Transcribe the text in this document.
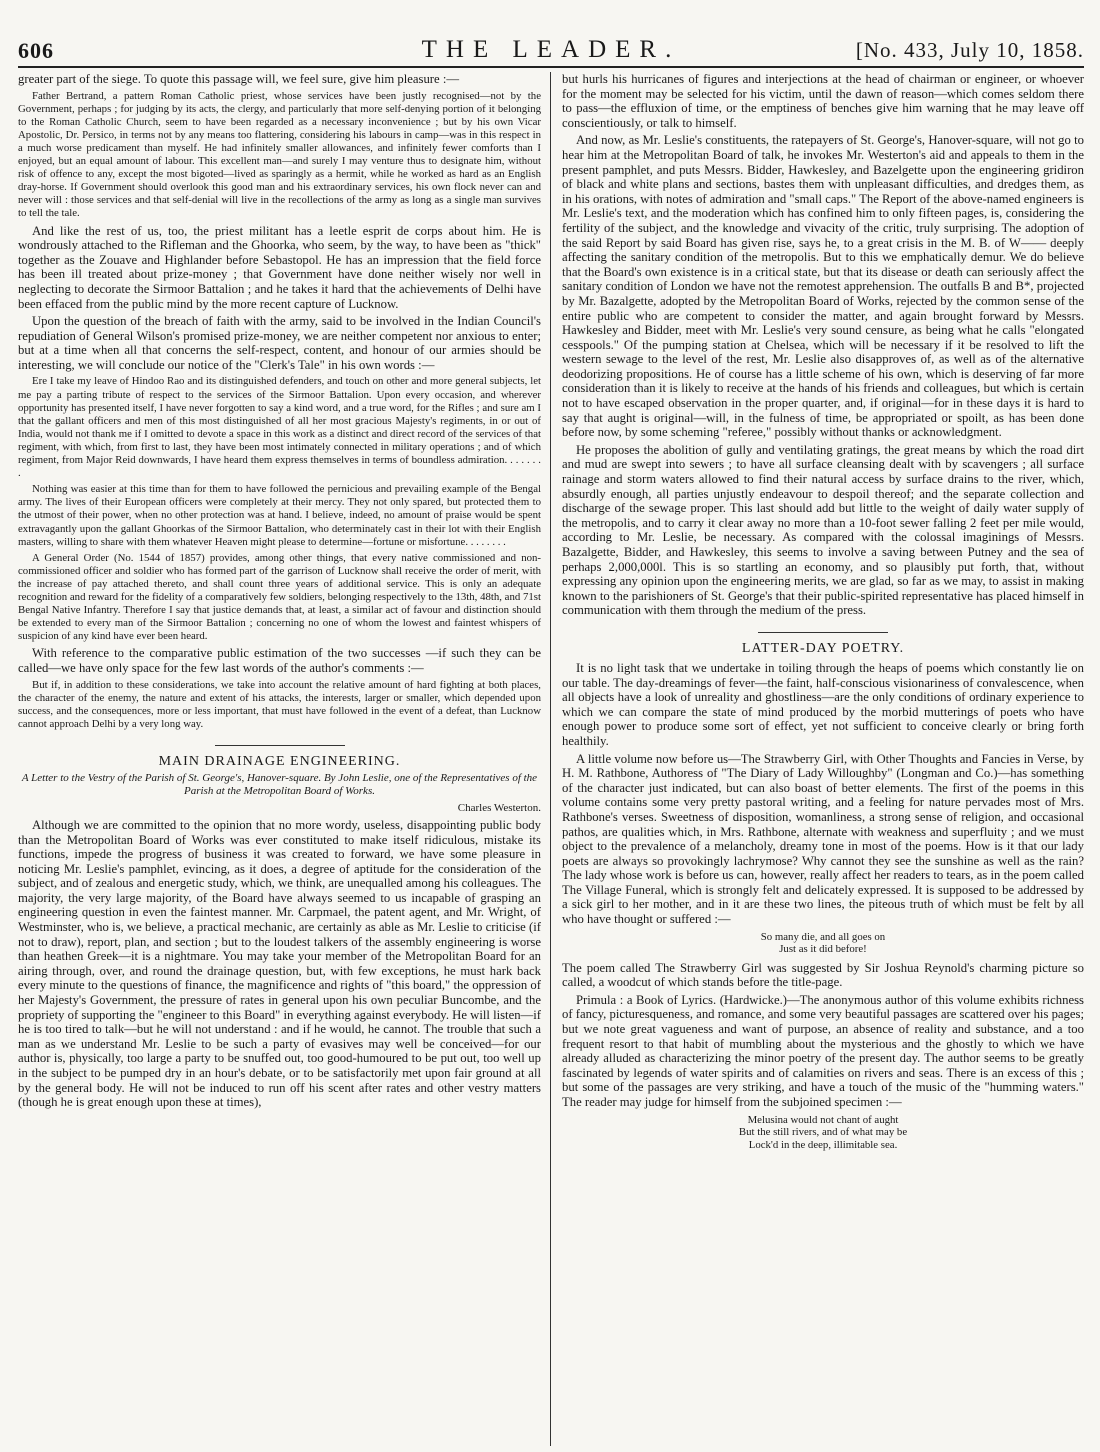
606	THE LEADER.	[No. 433, July 10, 1858.

greater part of the siege. To quote this passage will, we feel sure, give him pleasure :—

Father Bertrand, a pattern Roman Catholic priest, whose services have been justly recognised—not by the Government, perhaps ; for judging by its acts, the clergy, and particularly that more self-denying portion of it belonging to the Roman Catholic Church, seem to have been regarded as a necessary inconvenience ; but by his own Vicar Apostolic, Dr. Persico, in terms not by any means too flattering, considering his labours in camp—was in this respect in a much worse predicament than myself. He had infinitely smaller allowances, and infinitely fewer comforts than I enjoyed, but an equal amount of labour. This excellent man—and surely I may venture thus to designate him, without risk of offence to any, except the most bigoted—lived as sparingly as a hermit, while he worked as hard as an English dray-horse. If Government should overlook this good man and his extraordinary services, his own flock never can and never will : those services and that self-denial will live in the recollections of the army as long as a single man survives to tell the tale.

And like the rest of us, too, the priest militant has a leetle esprit de corps about him. He is wondrously attached to the Rifleman and the Ghoorka, who seem, by the way, to have been as "thick" together as the Zouave and Highlander before Sebastopol. He has an impression that the field force has been ill treated about prize-money ; that Government have done neither wisely nor well in neglecting to decorate the Sirmoor Battalion ; and he takes it hard that the achievements of Delhi have been effaced from the public mind by the more recent capture of Lucknow.

Upon the question of the breach of faith with the army, said to be involved in the Indian Council's repudiation of General Wilson's promised prize-money, we are neither competent nor anxious to enter; but at a time when all that concerns the self-respect, content, and honour of our armies should be interesting, we will conclude our notice of the "Clerk's Tale" in his own words :—

Ere I take my leave of Hindoo Rao and its distinguished defenders, and touch on other and more general subjects, let me pay a parting tribute of respect to the services of the Sirmoor Battalion. Upon every occasion, and wherever opportunity has presented itself, I have never forgotten to say a kind word, and a true word, for the Rifles ; and sure am I that the gallant officers and men of this most distinguished of all her most gracious Majesty's regiments, in or out of India, would not thank me if I omitted to devote a space in this work as a distinct and direct record of the services of that regiment, with which, from first to last, they have been most intimately connected in military operations ; and of which regiment, from Major Reid downwards, I have heard them express themselves in terms of boundless admiration. . . . . . . .

Nothing was easier at this time than for them to have followed the pernicious and prevailing example of the Bengal army. The lives of their European officers were completely at their mercy. They not only spared, but protected them to the utmost of their power, when no other protection was at hand. I believe, indeed, no amount of praise would be spent extravagantly upon the gallant Ghoorkas of the Sirmoor Battalion, who determinately cast in their lot with their English masters, willing to share with them whatever Heaven might please to determine—fortune or misfortune. . . . . . . .

A General Order (No. 1544 of 1857) provides, among other things, that every native commissioned and non-commissioned officer and soldier who has formed part of the garrison of Lucknow shall receive the order of merit, with the increase of pay attached thereto, and shall count three years of additional service. This is only an adequate recognition and reward for the fidelity of a comparatively few soldiers, belonging respectively to the 13th, 48th, and 71st Bengal Native Infantry. Therefore I say that justice demands that, at least, a similar act of favour and distinction should be extended to every man of the Sirmoor Battalion ; concerning no one of whom the lowest and faintest whispers of suspicion of any kind have ever been heard.

With reference to the comparative public estimation of the two successes —if such they can be called—we have only space for the few last words of the author's comments :—

But if, in addition to these considerations, we take into account the relative amount of hard fighting at both places, the character of the enemy, the nature and extent of his attacks, the interests, larger or smaller, which depended upon success, and the consequences, more or less important, that must have followed in the event of a defeat, than Lucknow cannot approach Delhi by a very long way.

MAIN DRAINAGE ENGINEERING.

A Letter to the Vestry of the Parish of St. George's, Hanover-square. By John Leslie, one of the Representatives of the Parish at the Metropolitan Board of Works.

Charles Westerton.

Although we are committed to the opinion that no more wordy, useless, disappointing public body than the Metropolitan Board of Works was ever constituted to make itself ridiculous, mistake its functions, impede the progress of business it was created to forward, we have some pleasure in noticing Mr. Leslie's pamphlet, evincing, as it does, a degree of aptitude for the consideration of the subject, and of zealous and energetic study, which, we think, are unequalled among his colleagues. The majority, the very large majority, of the Board have always seemed to us incapable of grasping an engineering question in even the faintest manner. Mr. Carpmael, the patent agent, and Mr. Wright, of Westminster, who is, we believe, a practical mechanic, are certainly as able as Mr. Leslie to criticise (if not to draw), report, plan, and section ; but to the loudest talkers of the assembly engineering is worse than heathen Greek—it is a nightmare. You may take your member of the Metropolitan Board for an airing through, over, and round the drainage question, but, with few exceptions, he must hark back every minute to the questions of finance, the magnificence and rights of "this board," the oppression of her Majesty's Government, the pressure of rates in general upon his own peculiar Buncombe, and the propriety of supporting the "engineer to this Board" in everything against everybody. He will listen—if he is too tired to talk—but he will not understand : and if he would, he cannot. The trouble that such a man as we understand Mr. Leslie to be such a party of evasives may well be conceived—for our author is, physically, too large a party to be snuffed out, too good-humoured to be put out, too well up in the subject to be pumped dry in an hour's debate, or to be satisfactorily met upon fair ground at all by the general body. He will not be induced to run off his scent after rates and other vestry matters (though he is great enough upon these at times),

but hurls his hurricanes of figures and interjections at the head of chairman or engineer, or whoever for the moment may be selected for his victim, until the dawn of reason—which comes seldom there to pass—the effluxion of time, or the emptiness of benches give him warning that he may leave off conscientiously, or talk to himself.

And now, as Mr. Leslie's constituents, the ratepayers of St. George's, Hanover-square, will not go to hear him at the Metropolitan Board of talk, he invokes Mr. Westerton's aid and appeals to them in the present pamphlet, and puts Messrs. Bidder, Hawkesley, and Bazelgette upon the engineering gridiron of black and white plans and sections, bastes them with unpleasant difficulties, and dredges them, as in his orations, with notes of admiration and "small caps." The Report of the above-named engineers is Mr. Leslie's text, and the moderation which has confined him to only fifteen pages, is, considering the fertility of the subject, and the knowledge and vivacity of the critic, truly surprising. The adoption of the said Report by said Board has given rise, says he, to a great crisis in the M. B. of W—— deeply affecting the sanitary condition of the metropolis. But to this we emphatically demur. We do believe that the Board's own existence is in a critical state, but that its disease or death can seriously affect the sanitary condition of London we have not the remotest apprehension. The outfalls B and B*, projected by Mr. Bazalgette, adopted by the Metropolitan Board of Works, rejected by the common sense of the entire public who are competent to consider the matter, and again brought forward by Messrs. Hawkesley and Bidder, meet with Mr. Leslie's very sound censure, as being what he calls "elongated cesspools." Of the pumping station at Chelsea, which will be necessary if it be resolved to lift the western sewage to the level of the rest, Mr. Leslie also disapproves of, as well as of the alternative deodorizing propositions. He of course has a little scheme of his own, which is deserving of far more consideration than it is likely to receive at the hands of his friends and colleagues, but which is certain not to have escaped observation in the proper quarter, and, if original—for in these days it is hard to say that aught is original—will, in the fulness of time, be appropriated or spoilt, as has been done before now, by some scheming "referee," possibly without thanks or acknowledgment.

He proposes the abolition of gully and ventilating gratings, the great means by which the road dirt and mud are swept into sewers ; to have all surface cleansing dealt with by scavengers ; all surface rainage and storm waters allowed to find their natural access by surface drains to the river, which, absurdly enough, all parties unjustly endeavour to despoil thereof; and the separate collection and discharge of the sewage proper. This last should add but little to the weight of daily water supply of the metropolis, and to carry it clear away no more than a 10-foot sewer falling 2 feet per mile would, according to Mr. Leslie, be necessary. As compared with the colossal imaginings of Messrs. Bazalgette, Bidder, and Hawkesley, this seems to involve a saving between Putney and the sea of perhaps 2,000,000l. This is so startling an economy, and so plausibly put forth, that, without expressing any opinion upon the engineering merits, we are glad, so far as we may, to assist in making known to the parishioners of St. George's that their public-spirited representative has placed himself in communication with them through the medium of the press.

LATTER-DAY POETRY.

It is no light task that we undertake in toiling through the heaps of poems which constantly lie on our table. The day-dreamings of fever—the faint, half-conscious visionariness of convalescence, when all objects have a look of unreality and ghostliness—are the only conditions of ordinary experience to which we can compare the state of mind produced by the morbid mutterings of poets who have enough power to produce some sort of effect, yet not sufficient to conceive clearly or bring forth healthily.

A little volume now before us—The Strawberry Girl, with Other Thoughts and Fancies in Verse, by H. M. Rathbone, Authoress of "The Diary of Lady Willoughby" (Longman and Co.)—has something of the character just indicated, but can also boast of better elements. The first of the poems in this volume contains some very pretty pastoral writing, and a feeling for nature pervades most of Mrs. Rathbone's verses. Sweetness of disposition, womanliness, a strong sense of religion, and occasional pathos, are qualities which, in Mrs. Rathbone, alternate with weakness and superfluity ; and we must object to the prevalence of a melancholy, dreamy tone in most of the poems. How is it that our lady poets are always so provokingly lachrymose? Why cannot they see the sunshine as well as the rain? The lady whose work is before us can, however, really affect her readers to tears, as in the poem called The Village Funeral, which is strongly felt and delicately expressed. It is supposed to be addressed by a sick girl to her mother, and in it are these two lines, the piteous truth of which must be felt by all who have thought or suffered :—

So many die, and all goes on
Just as it did before!

The poem called The Strawberry Girl was suggested by Sir Joshua Reynold's charming picture so called, a woodcut of which stands before the title-page.

Primula : a Book of Lyrics. (Hardwicke.)—The anonymous author of this volume exhibits richness of fancy, picturesqueness, and romance, and some very beautiful passages are scattered over his pages; but we note great vagueness and want of purpose, an absence of reality and substance, and a too frequent resort to that habit of mumbling about the mysterious and the ghostly to which we have already alluded as characterizing the minor poetry of the present day. The author seems to be greatly fascinated by legends of water spirits and of calamities on rivers and seas. There is an excess of this ; but some of the passages are very striking, and have a touch of the music of the "humming waters." The reader may judge for himself from the subjoined specimen :—

Melusina would not chant of aught
But the still rivers, and of what may be
Lock'd in the deep, illimitable sea.
